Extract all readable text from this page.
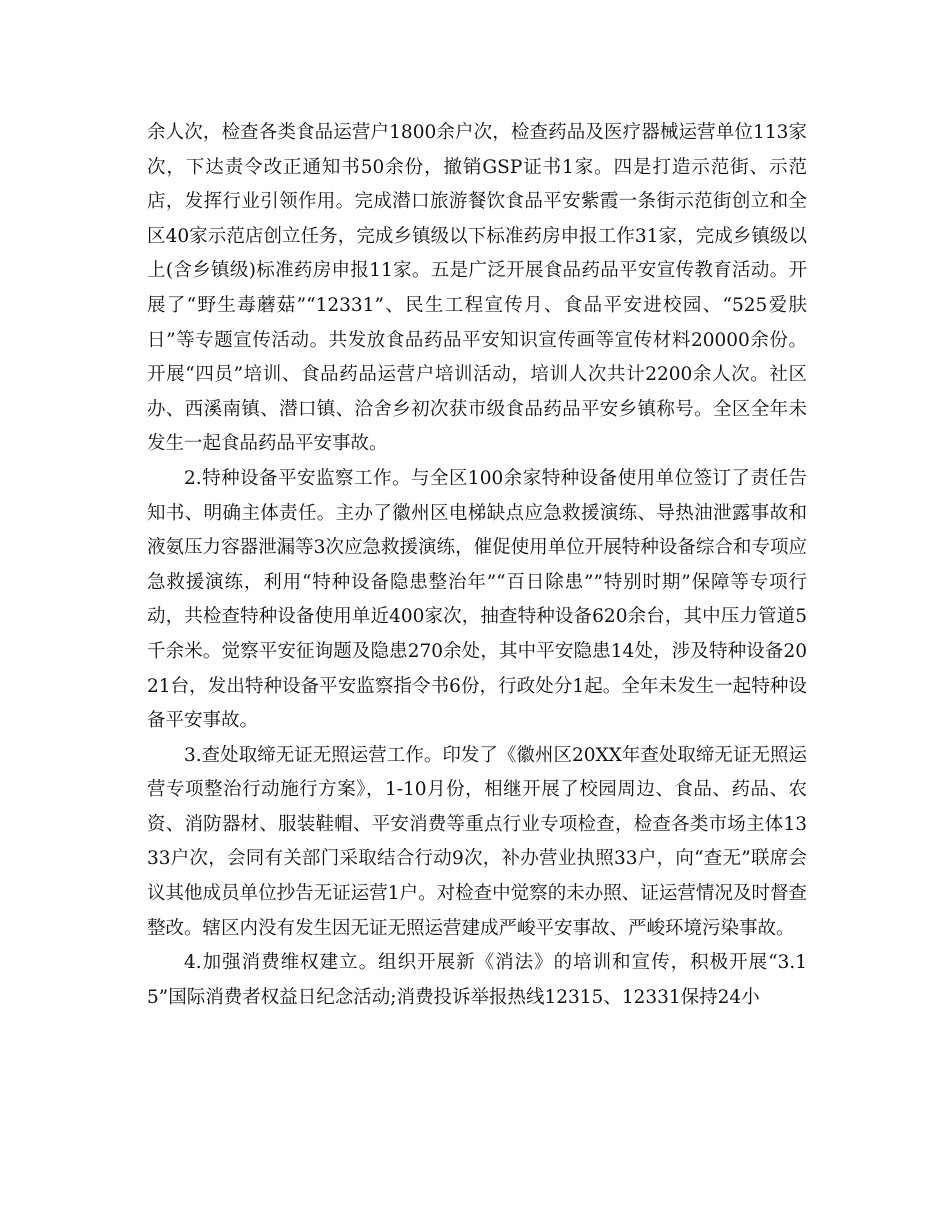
余人次，检查各类食品运营户1800余户次，检查药品及医疗器械运营单位113家次，下达责令改正通知书50余份，撤销GSP证书1家。四是打造示范街、示范店，发挥行业引领作用。完成潜口旅游餐饮食品平安紫霞一条街示范街创立和全区40家示范店创立任务，完成乡镇级以下标准药房申报工作31家，完成乡镇级以上(含乡镇级)标准药房申报11家。五是广泛开展食品药品平安宣传教育活动。开展了“野生毒蘑菇”“12331”、民生工程宣传月、食品平安进校园、“525爱肤日”等专题宣传活动。共发放食品药品平安知识宣传画等宣传材料20000余份。开展“四员”培训、食品药品运营户培训活动，培训人次共计2200余人次。社区办、西溪南镇、潜口镇、洽舍乡初次获市级食品药品平安乡镇称号。全区全年未发生一起食品药品平安事故。

2.特种设备平安监察工作。与全区100余家特种设备使用单位签订了责任告知书、明确主体责任。主办了徽州区电梯缺点应急救援演练、导热油泄露事故和液氨压力容器泄漏等3次应急救援演练，催促使用单位开展特种设备综合和专项应急救援演练，利用“特种设备隐患整治年”“百日除患””特别时期”保障等专项行动，共检查特种设备使用单近400家次，抽查特种设备620余台，其中压力管道5千余米。觉察平安征询题及隐患270余处，其中平安隐患14处，涉及特种设备2021台，发出特种设备平安监察指令书6份，行政处分1起。全年未发生一起特种设备平安事故。

3.查处取缔无证无照运营工作。印发了《徽州区20XX年查处取缔无证无照运营专项整治行动施行方案》，1-10月份，相继开展了校园周边、食品、药品、农资、消防器材、服装鞋帽、平安消费等重点行业专项检查，检查各类市场主体1333户次，会同有关部门采取结合行动9次，补办营业执照33户，向“查无”联席会议其他成员单位抄告无证运营1户。对检查中觉察的未办照、证运营情况及时督查整改。辖区内没有发生因无证无照运营建成严峻平安事故、严峻环境污染事故。

4.加强消费维权建立。组织开展新《消法》的培训和宣传，积极开展“3.15”国际消费者权益日纪念活动;消费投诉举报热线12315、12331保持24小
